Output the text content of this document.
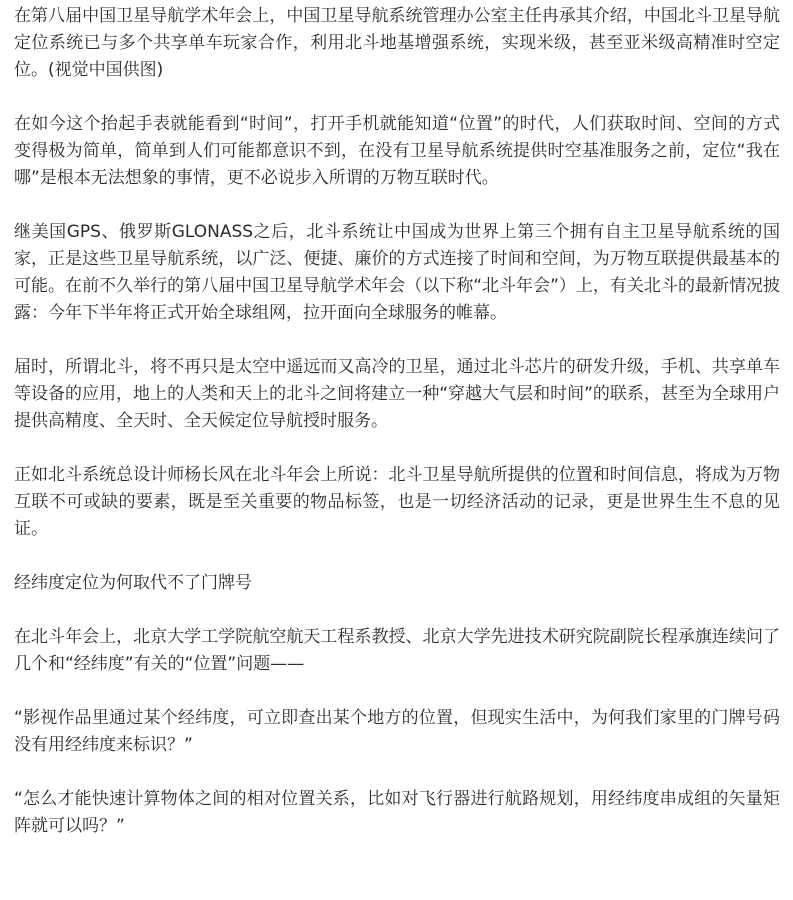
在第八届中国卫星导航学术年会上，中国卫星导航系统管理办公室主任冉承其介绍，中国北斗卫星导航定位系统已与多个共享单车玩家合作，利用北斗地基增强系统，实现米级，甚至亚米级高精准时空定位。(视觉中国供图)

在如今这个抬起手表就能看到“时间”，打开手机就能知道“位置”的时代，人们获取时间、空间的方式变得极为简单，简单到人们可能都意识不到，在没有卫星导航系统提供时空基准服务之前，定位“我在哪”是根本无法想象的事情，更不必说步入所谓的万物互联时代。

继美国GPS、俄罗斯GLONASS之后，北斗系统让中国成为世界上第三个拥有自主卫星导航系统的国家，正是这些卫星导航系统，以广泛、便捷、廉价的方式连接了时间和空间，为万物互联提供最基本的可能。在前不久举行的第八届中国卫星导航学术年会（以下称“北斗年会”）上，有关北斗的最新情况披露：今年下半年将正式开始全球组网，拉开面向全球服务的帷幕。

届时，所谓北斗，将不再只是太空中遥远而又高冷的卫星，通过北斗芯片的研发升级，手机、共享单车等设备的应用，地上的人类和天上的北斗之间将建立一种“穿越大气层和时间”的联系，甚至为全球用户提供高精度、全天时、全天候定位导航授时服务。

正如北斗系统总设计师杨长风在北斗年会上所说：北斗卫星导航所提供的位置和时间信息，将成为万物互联不可或缺的要素，既是至关重要的物品标签，也是一切经济活动的记录，更是世界生生不息的见证。

经纬度定位为何取代不了门牌号

在北斗年会上，北京大学工学院航空航天工程系教授、北京大学先进技术研究院副院长程承旗连续问了几个和“经纬度”有关的“位置”问题——

“影视作品里通过某个经纬度，可立即查出某个地方的位置，但现实生活中，为何我们家里的门牌号码没有用经纬度来标识？”

“怎么才能快速计算物体之间的相对位置关系，比如对飞行器进行航路规划，用经纬度串成组的矢量矩阵就可以吗？”
